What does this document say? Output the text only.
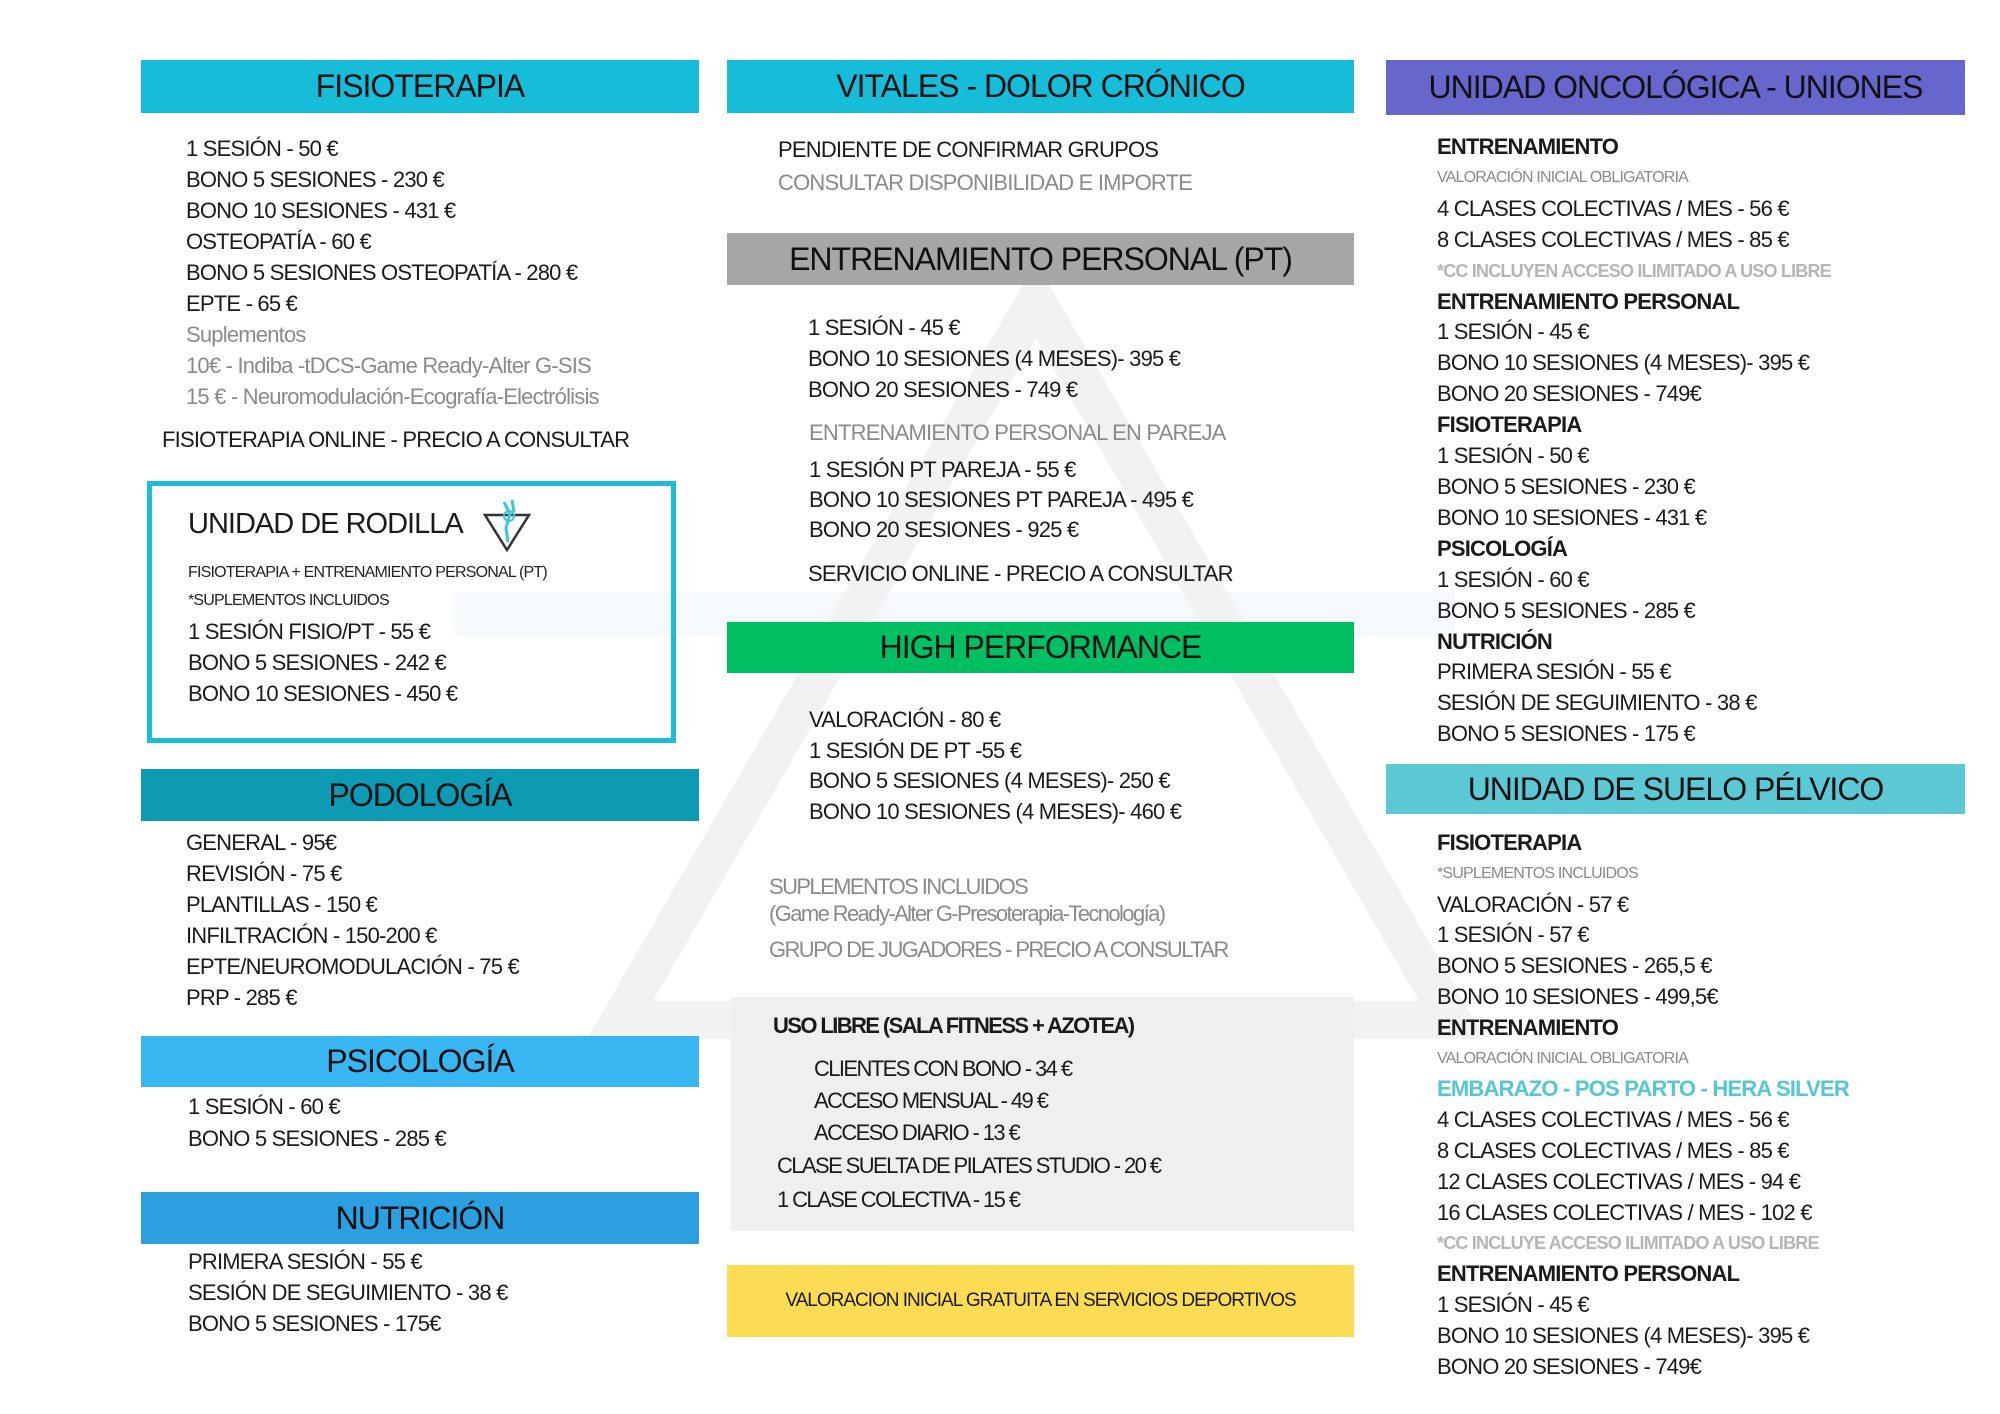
FISIOTERAPIA
1 SESIÓN - 50 €
BONO 5 SESIONES - 230 €
BONO 10 SESIONES - 431 €
OSTEOPATÍA - 60 €
BONO 5 SESIONES OSTEOPATÍA - 280 €
EPTE - 65 €
Suplementos
10€ - Indiba -tDCS-Game Ready-Alter G-SIS
15 € - Neuromodulación-Ecografía-Electrólisis
FISIOTERAPIA ONLINE - PRECIO A CONSULTAR
UNIDAD DE RODILLA
FISIOTERAPIA + ENTRENAMIENTO PERSONAL (PT)
*SUPLEMENTOS INCLUIDOS
1 SESIÓN FISIO/PT - 55 €
BONO 5 SESIONES - 242 €
BONO 10 SESIONES - 450 €
PODOLOGÍA
GENERAL - 95€
REVISIÓN - 75 €
PLANTILLAS - 150 €
INFILTRACIÓN - 150-200 €
EPTE/NEUROMODULACIÓN - 75 €
PRP - 285 €
PSICOLOGÍA
1 SESIÓN - 60 €
BONO 5 SESIONES - 285 €
NUTRICIÓN
PRIMERA SESIÓN - 55 €
SESIÓN DE SEGUIMIENTO - 38 €
BONO 5 SESIONES - 175€
VITALES - DOLOR CRÓNICO
PENDIENTE DE CONFIRMAR GRUPOS
CONSULTAR DISPONIBILIDAD E IMPORTE
ENTRENAMIENTO PERSONAL (PT)
1 SESIÓN - 45 €
BONO 10 SESIONES (4 MESES)- 395 €
BONO 20 SESIONES - 749 €
ENTRENAMIENTO PERSONAL EN PAREJA
1 SESIÓN PT PAREJA - 55 €
BONO 10 SESIONES PT PAREJA - 495 €
BONO 20 SESIONES - 925 €
SERVICIO ONLINE - PRECIO A CONSULTAR
HIGH PERFORMANCE
VALORACIÓN - 80 €
1 SESIÓN DE PT -55 €
BONO 5 SESIONES (4 MESES)- 250 €
BONO 10 SESIONES (4 MESES)- 460 €
SUPLEMENTOS INCLUIDOS
(Game Ready-Alter G-Presoterapia-Tecnología)
GRUPO DE JUGADORES - PRECIO A CONSULTAR
USO LIBRE (SALA FITNESS + AZOTEA)
CLIENTES CON BONO - 34 €
ACCESO MENSUAL - 49 €
ACCESO DIARIO - 13 €
CLASE SUELTA DE PILATES STUDIO - 20 €
1 CLASE COLECTIVA - 15 €
VALORACION INICIAL GRATUITA EN SERVICIOS DEPORTIVOS
UNIDAD ONCOLÓGICA - UNIONES
ENTRENAMIENTO
VALORACIÓN INICIAL OBLIGATORIA
4 CLASES COLECTIVAS / MES - 56 €
8 CLASES COLECTIVAS / MES - 85 €
*CC INCLUYEN ACCESO ILIMITADO A USO LIBRE
ENTRENAMIENTO PERSONAL
1 SESIÓN - 45 €
BONO 10 SESIONES (4 MESES)- 395 €
BONO 20 SESIONES - 749€
FISIOTERAPIA
1 SESIÓN - 50 €
BONO 5 SESIONES - 230 €
BONO 10 SESIONES - 431 €
PSICOLOGÍA
1 SESIÓN - 60 €
BONO 5 SESIONES - 285 €
NUTRICIÓN
PRIMERA SESIÓN - 55 €
SESIÓN DE SEGUIMIENTO - 38 €
BONO 5 SESIONES - 175 €
UNIDAD DE SUELO PÉLVICO
FISIOTERAPIA
*SUPLEMENTOS INCLUIDOS
VALORACIÓN - 57 €
1 SESIÓN - 57 €
BONO 5 SESIONES - 265,5 €
BONO 10 SESIONES - 499,5€
ENTRENAMIENTO
VALORACIÓN INICIAL OBLIGATORIA
EMBARAZO - POS PARTO - HERA SILVER
4 CLASES COLECTIVAS / MES - 56 €
8 CLASES COLECTIVAS / MES - 85 €
12 CLASES COLECTIVAS / MES - 94 €
16 CLASES COLECTIVAS / MES - 102 €
*CC INCLUYE ACCESO ILIMITADO A USO LIBRE
ENTRENAMIENTO PERSONAL
1 SESIÓN - 45 €
BONO 10 SESIONES (4 MESES)- 395 €
BONO 20 SESIONES - 749€
